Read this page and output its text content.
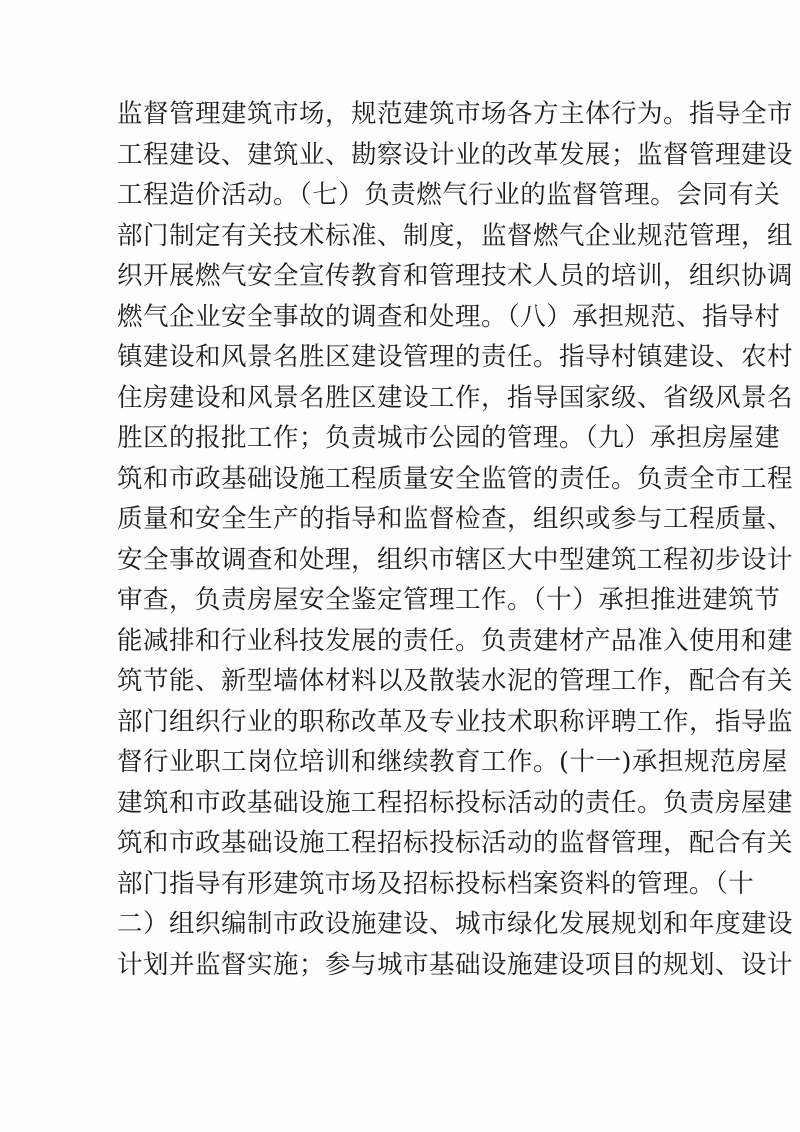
监督管理建筑市场，规范建筑市场各方主体行为。指导全市
工程建设、建筑业、勘察设计业的改革发展；监督管理建设
工程造价活动。（七）负责燃气行业的监督管理。会同有关
部门制定有关技术标准、制度，监督燃气企业规范管理，组
织开展燃气安全宣传教育和管理技术人员的培训，组织协调
燃气企业安全事故的调查和处理。（八）承担规范、指导村
镇建设和风景名胜区建设管理的责任。指导村镇建设、农村
住房建设和风景名胜区建设工作，指导国家级、省级风景名
胜区的报批工作；负责城市公园的管理。（九）承担房屋建
筑和市政基础设施工程质量安全监管的责任。负责全市工程
质量和安全生产的指导和监督检查，组织或参与工程质量、
安全事故调查和处理，组织市辖区大中型建筑工程初步设计
审查，负责房屋安全鉴定管理工作。（十）承担推进建筑节
能减排和行业科技发展的责任。负责建材产品准入使用和建
筑节能、新型墙体材料以及散装水泥的管理工作，配合有关
部门组织行业的职称改革及专业技术职称评聘工作，指导监
督行业职工岗位培训和继续教育工作。(十一)承担规范房屋
建筑和市政基础设施工程招标投标活动的责任。负责房屋建
筑和市政基础设施工程招标投标活动的监督管理，配合有关
部门指导有形建筑市场及招标投标档案资料的管理。（十
二）组织编制市政设施建设、城市绿化发展规划和年度建设
计划并监督实施；参与城市基础设施建设项目的规划、设计
